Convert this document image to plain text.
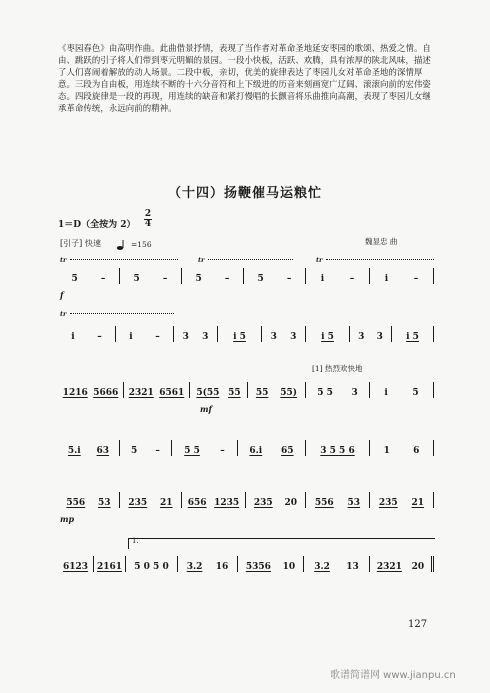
《枣园春色》由高明作曲。此曲借景抒情，表现了当作者对革命圣地延安枣园的歌颂、热爱之情。自由、跳跃的引子将人们带到枣元明媚的景园。一段小快板，活跃、欢腾，具有浓厚的陕北风味，描述了人们喜闹着解放的动人场景。二段中板，亲切，优美的旋律表达了枣园儿女对革命圣地的深情厚意。三段为自由板，用连续不断的十六分音符和上下级进的历音来刻画宽广辽阔、滚滚向前的宏伟姿态。四段旋律是一段的再现，用连续的缺音和紧打慢唱的长颤音将乐曲推向高潮，表现了枣园儿女继承革命传统，永远向前的精神。
（十四）扬鞭催马运粮忙
1＝D（全按为 2）
2
4
魏显忠 曲
[引子] 快速	=156
tr	tr	tr
5	–	5	–	5	–	5	–	i	–	i	–
f
tr
i	–	i	–	3 3	i 5	3 3	i 5	3 3	i 5
[1] 热烈欢快地
1216 5666 2321 6561 5(55 55 55 55) 5 5 3	i	5
mf
5.i 63 5 –	5 5 –	6.i 65	3 5 5 6	1	6
556 53 235 21 656 1235 235 20 556 53 235 21
mp
1.
6123 2161 5 0 5 0 3.2 16 5356 10 3.2 13 2321 20
127
歌谱简谱网 www.jianpu.cn
